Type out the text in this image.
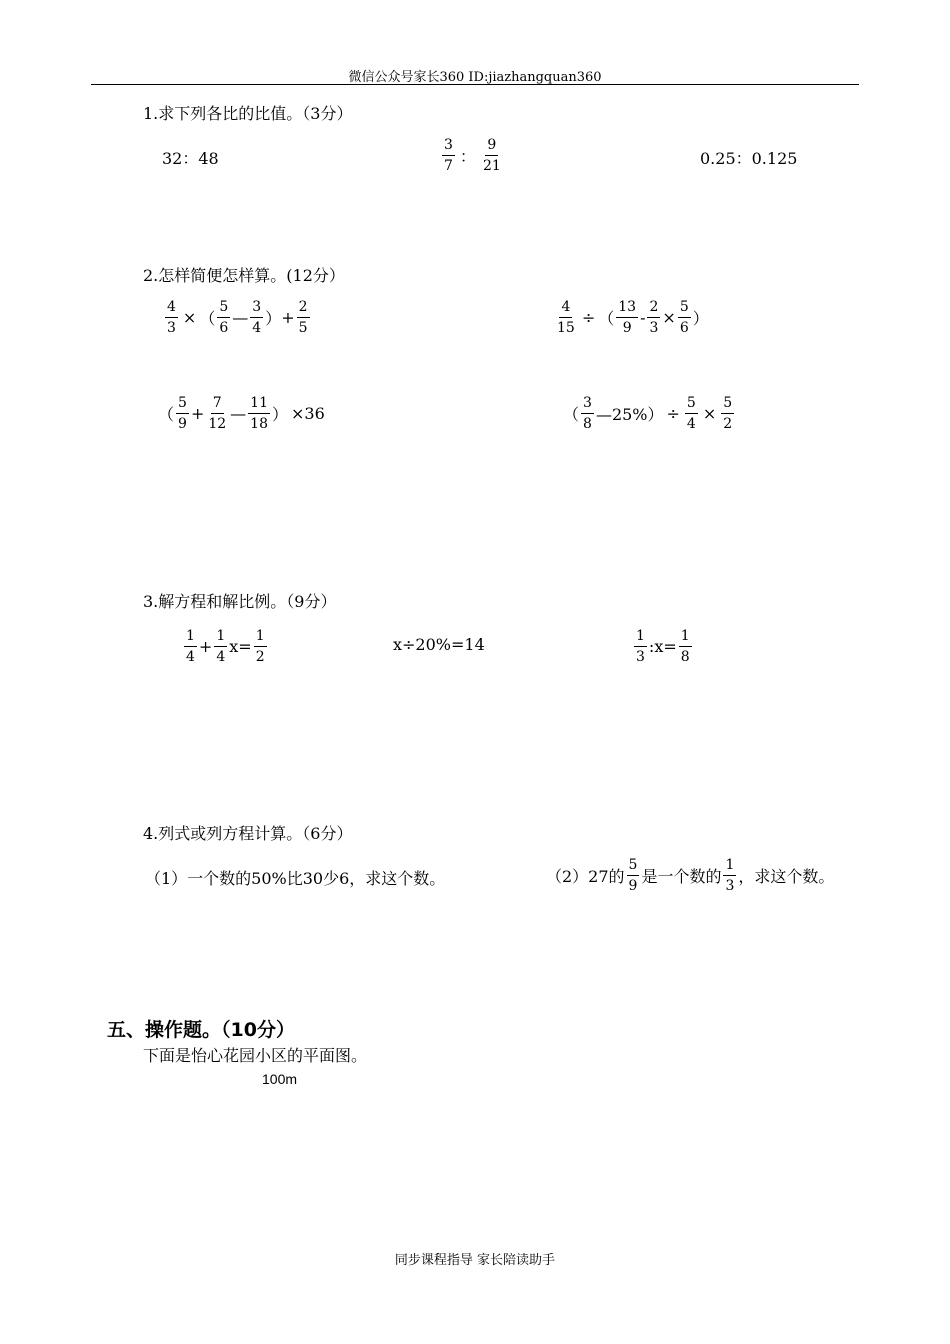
微信公众号家长360 ID:jiazhangquan360
1.求下列各比的比值。（3分）
32：48	$\frac{3}{7}$ ： $\frac{9}{21}$	0.25：0.125
2.怎样简便怎样算。(12分）
$\frac{4}{3}$ × （ $\frac{5}{6}$ — $\frac{3}{4}$ ） + $\frac{2}{5}$	$\frac{4}{15}$ ÷ （ $\frac{13}{9} - \frac{2}{3} \times \frac{5}{6}$ ）
（ $\frac{5}{9} + \frac{7}{12}$ — $\frac{11}{18}$ ） ×36	（ $\frac{3}{8}$ —25%） ÷ $\frac{5}{4} \times \frac{5}{2}$
3.解方程和解比例。（9分）
$\frac{1}{4} + \frac{1}{4} x= \frac{1}{2}$	x÷20%=14	$\frac{1}{3}$ :x= $\frac{1}{8}$
4.列式或列方程计算。（6分）
（1）一个数的50%比30少6，求这个数。	（2）27的 $\frac{5}{9}$ 是一个数的 $\frac{1}{3}$ ，求这个数。
五、操作题。（10分）
下面是怡心花园小区的平面图。
100m
同步课程指导 家长陪读助手
